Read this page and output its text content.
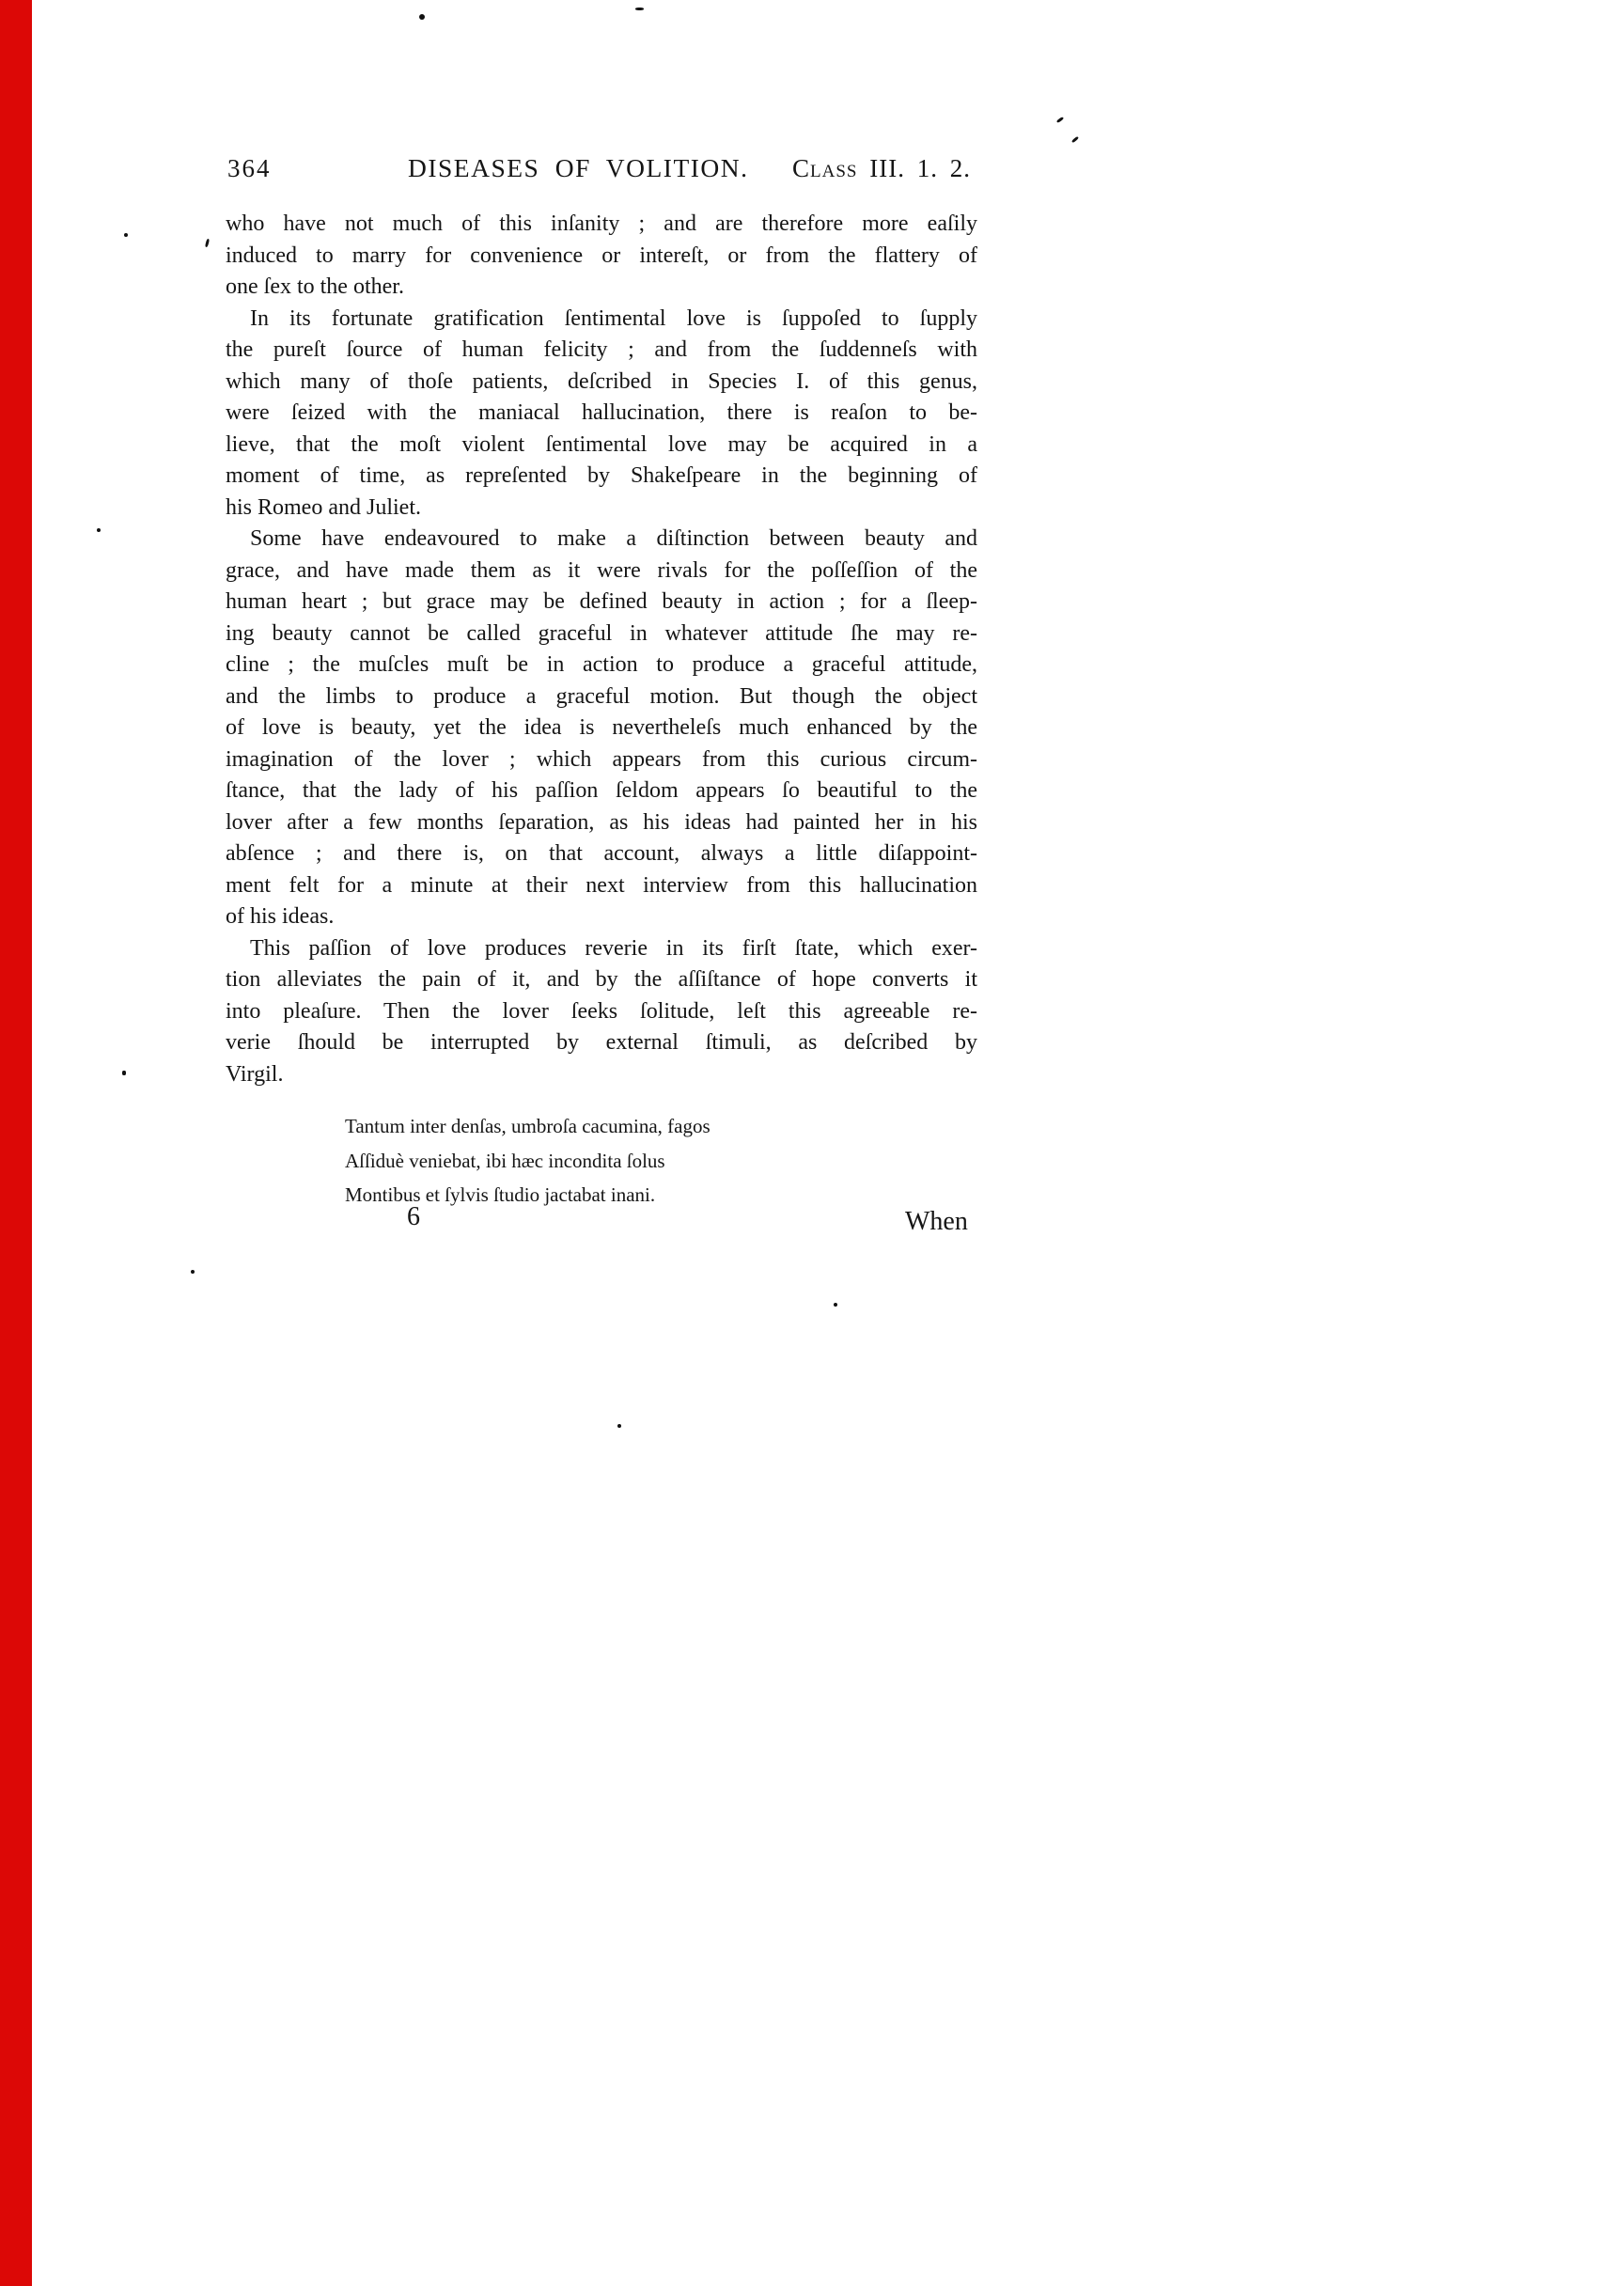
364	DISEASES OF VOLITION. Class III. 1. 2.
who have not much of this inſanity ; and are therefore more eaſily
induced to marry for convenience or intereſt, or from the flattery of
one ſex to the other.
In its fortunate gratification ſentimental love is ſuppoſed to ſupply
the pureſt ſource of human felicity ; and from the ſuddenneſs with
which many of thoſe patients, deſcribed in Species I. of this genus,
were ſeized with the maniacal hallucination, there is reaſon to be-
lieve, that the moſt violent ſentimental love may be acquired in a
moment of time, as repreſented by Shakeſpeare in the beginning of
his Romeo and Juliet.
Some have endeavoured to make a diſtinction between beauty and
grace, and have made them as it were rivals for the poſſeſſion of the
human heart ; but grace may be defined beauty in action ; for a ſleep-
ing beauty cannot be called graceful in whatever attitude ſhe may re-
cline ; the muſcles muſt be in action to produce a graceful attitude,
and the limbs to produce a graceful motion. But though the object
of love is beauty, yet the idea is nevertheleſs much enhanced by the
imagination of the lover ; which appears from this curious circum-
ſtance, that the lady of his paſſion ſeldom appears ſo beautiful to the
lover after a few months ſeparation, as his ideas had painted her in his
abſence ; and there is, on that account, always a little diſappoint-
ment felt for a minute at their next interview from this hallucination
of his ideas.
This paſſion of love produces reverie in its firſt ſtate, which exer-
tion alleviates the pain of it, and by the aſſiſtance of hope converts it
into pleaſure. Then the lover ſeeks ſolitude, leſt this agreeable re-
verie ſhould be interrupted by external ſtimuli, as deſcribed by
Virgil.
Tantum inter denſas, umbroſa cacumina, fagos
Aſſiduè veniebat, ibi hæc incondita ſolus
Montibus et ſylvis ſtudio jactabat inani.
6	When
